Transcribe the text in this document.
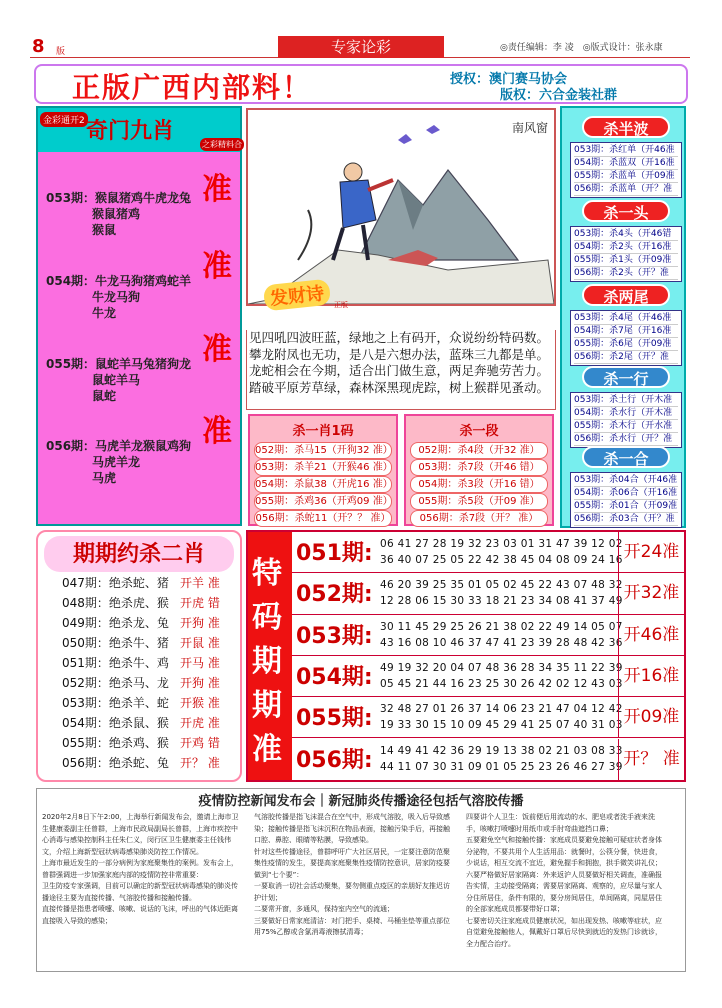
8 版	专家论彩	◎责任编辑：李 凌　◎版式设计：张永康
正版广西内部料！	授权：澳门赛马协会
版权：六合金装社群
金彩通开2 奇门九肖
之彩精料合
053期：猴鼠猪鸡牛虎龙兔
猴鼠猪鸡
猴鼠
准
054期：牛龙马狗猪鸡蛇羊
牛龙马狗
牛龙
准
055期：鼠蛇羊马兔猪狗龙
鼠蛇羊马
鼠蛇
准
056期：马虎羊龙猴鼠鸡狗
马虎羊龙
马虎
准
南风窗
发财诗	正版
见四吼四波旺蓝，绿地之上有码开，众说纷纷特码数。攀龙附凤也无功，是八是六想办法，蓝珠三九都是单。龙蛇相会在今期，适合出门做生意，两足奔驰劳苦力。踏破平原芳草绿，森林深黑现虎踪，树上猴群见蚤动。
杀一肖1码
052期：杀马15（开狗32 准）
053期：杀羊21（开猴46 准）
054期：杀鼠38（开虎16 准）
055期：杀鸡36（开鸡09 准）
056期：杀蛇11（开？？ 准）
杀一段
052期：杀4段（开32 准）
053期：杀7段（开46 错）
054期：杀3段（开16 错）
055期：杀5段（开09 准）
056期：杀7段（开？ 准）
杀半波
053期：杀红单（开46准
054期：杀蓝双（开16准
055期：杀蓝单（开09准
056期：杀蓝单（开？准
杀一头
053期：杀4头（开46错
054期：杀2头（开16准
055期：杀1头（开09准
056期：杀2头（开？准
杀两尾
053期：杀4尾（开46准
054期：杀7尾（开16准
055期：杀6尾（开09准
056期：杀2尾（开？准
杀一行
053期：杀土行（开木准
054期：杀水行（开木准
055期：杀木行（开水准
056期：杀水行（开？准
杀一合
053期：杀04合（开46准
054期：杀06合（开16准
055期：杀01合（开09准
056期：杀03合（开？准
期期约杀二肖
047期：绝杀蛇、猪 开羊 准
048期：绝杀虎、猴 开虎 错
049期：绝杀龙、兔 开狗 准
050期：绝杀牛、猪 开鼠 准
051期：绝杀牛、鸡 开马 准
052期：绝杀马、龙 开狗 准
053期：绝杀羊、蛇 开猴 准
054期：绝杀鼠、猴 开虎 准
055期：绝杀鸡、猴 开鸡 错
056期：绝杀蛇、兔 开？ 准
特
码
期
期
准
051期: 06 41 27 28 19 32 23 03 01 31 47 39 12 02
36 40 07 25 05 22 42 38 45 04 08 09 24 16 开24准
052期: 46 20 39 25 35 01 05 02 45 22 43 07 48 32
12 28 06 15 30 33 18 21 23 34 08 41 37 49 开32准
053期: 30 11 45 29 25 26 21 38 02 22 49 14 05 07
43 16 08 10 46 37 47 41 23 39 28 48 42 36 开46准
054期: 49 19 32 20 04 07 48 36 28 34 35 11 22 39
05 45 21 44 16 23 25 30 26 42 02 12 43 03 开16准
055期: 32 48 27 01 26 37 14 06 23 21 47 04 12 42
19 33 30 15 10 09 45 29 41 25 07 40 31 03 开09准
056期: 14 49 41 42 36 29 19 13 38 02 21 03 08 33
44 11 07 30 31 09 01 05 25 23 26 46 27 39 开？ 准
疫情防控新闻发布会｜新冠肺炎传播途径包括气溶胶传播
2020年2月8日下午2:00，上海举行新闻发布会，邀请上海市卫生健康委副主任曾群，上海市民政局副局长曾群，上海市疾控中心消毒与感染控制科主任朱仁义，闵行区卫生健康委主任钱伟文，介绍上海新型冠状病毒感染肺炎防控工作情况。
上海市最近发生的一部分病例为家庭聚集性的案例。发布会上，曾群强调进一步加强家庭内部的疫情防控非常重要：
卫生防疫专家强调，目前可以确定的新型冠状病毒感染的肺炎传播途径主要为直接传播、气溶胶传播和接触传播。
直接传播是指患者喷嚏、咳嗽、说话的飞沫，呼出的气体近距离直接吸入导致的感染；
气溶胶传播是指飞沫混合在空气中，形成气溶胶，吸入后导致感染；接触传播是指飞沫沉积在物品表面，接触污染手后，再接触口腔、鼻腔、眼睛等粘膜，导致感染。
针对这些传播途径，曾群呼吁广大社区居民，一定要注意防范聚集性疫情的发生，要提高家庭聚集性疫情防控意识，居家防疫要做到“七个要”：
一要取消一切社会活动聚集，要勿侧重点疫区的亲朋好友推迟访护计划；
二要常开窗，多通风，保持室内空气的流通；
三要做好日常家庭清洁：对门把手、桌椅、马桶坐垫等重点部位用75%乙醇或含氯消毒液擦拭清毒；
四要讲个人卫生：饭前便后用流动的水、肥皂或者洗手液来洗手，咳嗽打喷嚏时用纸巾或手肘弯曲遮挡口鼻；
五要避免空气和接触传播：家庭成员要避免接触可疑症状者身体分泌物，不要共用个人生活用品：就餐时，公筷分餐，快进食，少说话，相互交流不宜近，避免握手和拥抱，拱手微笑讲礼仪；
六要严格做好居家隔离：外来返沪人员要做好相关调查，准确报告实情，主动接受隔离；需要居家隔离、观察的，应尽量与家人分住所居住，条件有限的，要分房间居住，单间隔离，同屋居住的全部家庭成员都要带好口罩；
七要密切关注家庭成员健康状况，如出现发热、咳嗽等症状，应自觉避免接触他人，佩戴好口罩后尽快到就近的发热门诊就诊，全力配合治疗。
